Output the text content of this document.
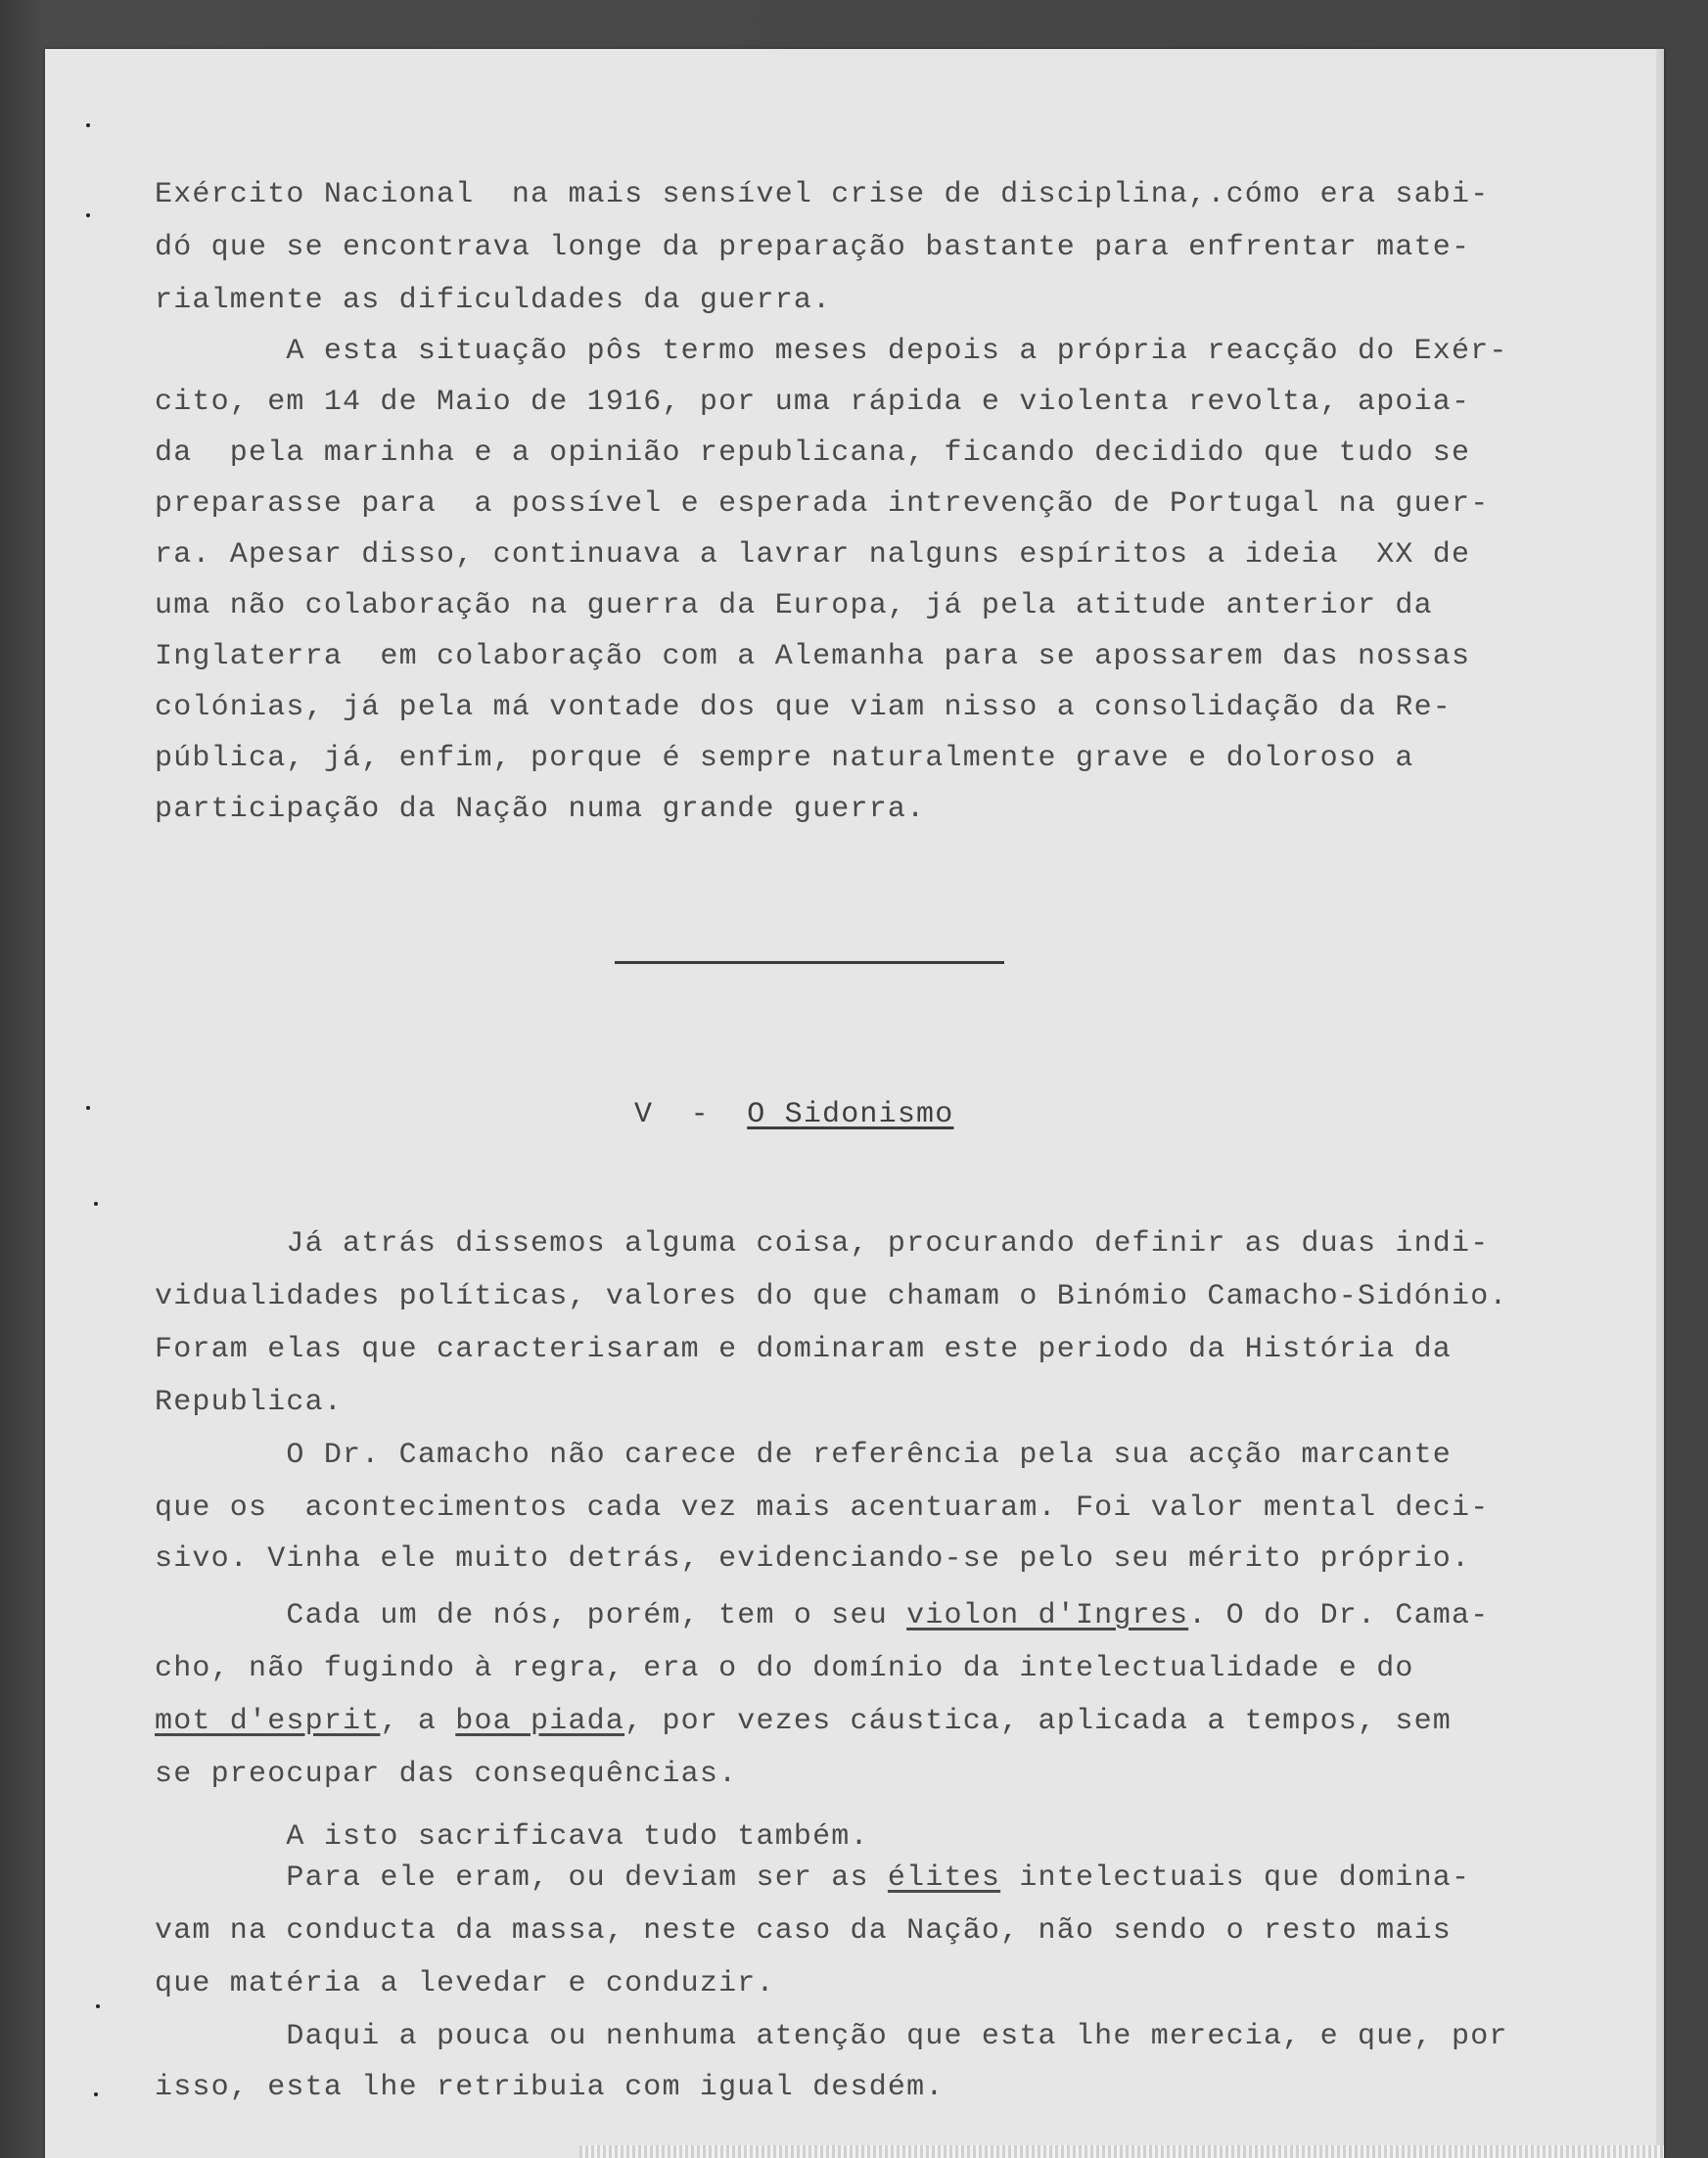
Exército Nacional  na mais sensível crise de disciplina,.cómo era sabi-

dó que se encontrava longe da preparação bastante para enfrentar mate-

rialmente as dificuldades da guerra.

A esta situação pôs termo meses depois a própria reacção do Exér-

cito, em 14 de Maio de 1916, por uma rápida e violenta revolta, apoia-

da  pela marinha e a opinião republicana, ficando decidido que tudo se

preparasse para  a possível e esperada intrevenção de Portugal na guer-

ra. Apesar disso, continuava a lavrar nalguns espíritos a ideia  XX de

uma não colaboração na guerra da Europa, já pela atitude anterior da

Inglaterra  em colaboração com a Alemanha para se apossarem das nossas

colónias, já pela má vontade dos que viam nisso a consolidação da Re-

pública, já, enfim, porque é sempre naturalmente grave e doloroso a

participação da Nação numa grande guerra.

V  -  O Sidonismo

Já atrás dissemos alguma coisa, procurando definir as duas indi-

vidualidades políticas, valores do que chamam o Binómio Camacho-Sidónio.

Foram elas que caracterisaram e dominaram este periodo da História da

Republica.

O Dr. Camacho não carece de referência pela sua acção marcante

que os  acontecimentos cada vez mais acentuaram. Foi valor mental deci-

sivo. Vinha ele muito detrás, evidenciando-se pelo seu mérito próprio.

Cada um de nós, porém, tem o seu violon d'Ingres. O do Dr. Cama-

cho, não fugindo à regra, era o do domínio da intelectualidade e do

mot d'esprit, a boa piada, por vezes cáustica, aplicada a tempos, sem

se preocupar das consequências.

A isto sacrificava tudo também.

Para ele eram, ou deviam ser as élites intelectuais que domina-

vam na conducta da massa, neste caso da Nação, não sendo o resto mais

que matéria a levedar e conduzir.

Daqui a pouca ou nenhuma atenção que esta lhe merecia, e que, por

isso, esta lhe retribuia com igual desdém.
